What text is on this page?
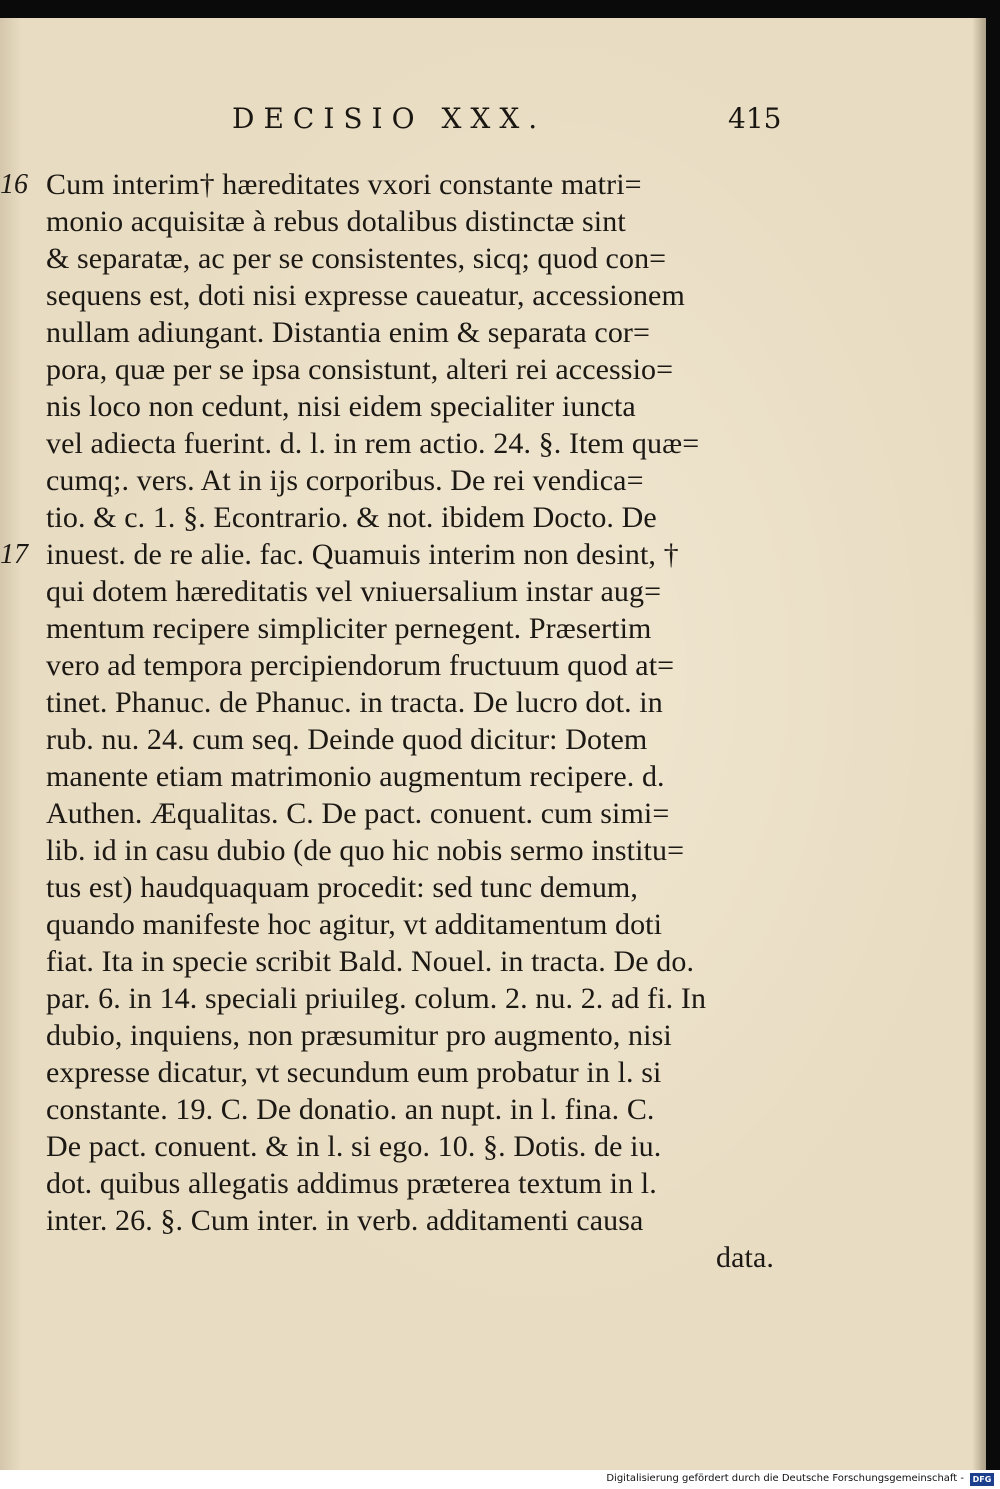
DECISIO XXX.	415
16 Cum interim† hæreditates vxori constante matri=
monio acquisitæ à rebus dotalibus distinctæ sint
& separatæ, ac per se consistentes, sicq; quod con=
sequens est, doti nisi expresse caueatur, accessionem
nullam adiungant. Distantia enim & separata cor=
pora, quæ per se ipsa consistunt, alteri rei accessio=
nis loco non cedunt, nisi eidem specialiter iuncta
vel adiecta fuerint. d. l. in rem actio. 24. §. Item quæ=
cumq;. vers. At in ijs corporibus. De rei vendica=
tio. & c. 1. §. Econtrario. & not. ibidem Docto. De
17 inuest. de re alie. fac. Quamuis interim non desint, †
qui dotem hæreditatis vel vniuersalium instar aug=
mentum recipere simpliciter pernegent. Præsertim
vero ad tempora percipiendorum fructuum quod at=
tinet. Phanuc. de Phanuc. in tracta. De lucro dot. in
rub. nu. 24. cum seq. Deinde quod dicitur: Dotem
manente etiam matrimonio augmentum recipere. d.
Authen. Æqualitas. C. De pact. conuent. cum simi=
lib. id in casu dubio (de quo hic nobis sermo institu=
tus est) haudquaquam procedit: sed tunc demum,
quando manifeste hoc agitur, vt additamentum doti
fiat. Ita in specie scribit Bald. Nouel. in tracta. De do.
par. 6. in 14. speciali priuileg. colum. 2. nu. 2. ad fi. In
dubio, inquiens, non præsumitur pro augmento, nisi
expresse dicatur, vt secundum eum probatur in l. si
constante. 19. C. De donatio. an nupt. in l. fina. C.
De pact. conuent. & in l. si ego. 10. §. Dotis. de iu.
dot. quibus allegatis addimus præterea textum in l.
inter. 26. §. Cum inter. in verb. additamenti causa
data.
Digitalisierung gefördert durch die Deutsche Forschungsgemeinschaft -	DFG
